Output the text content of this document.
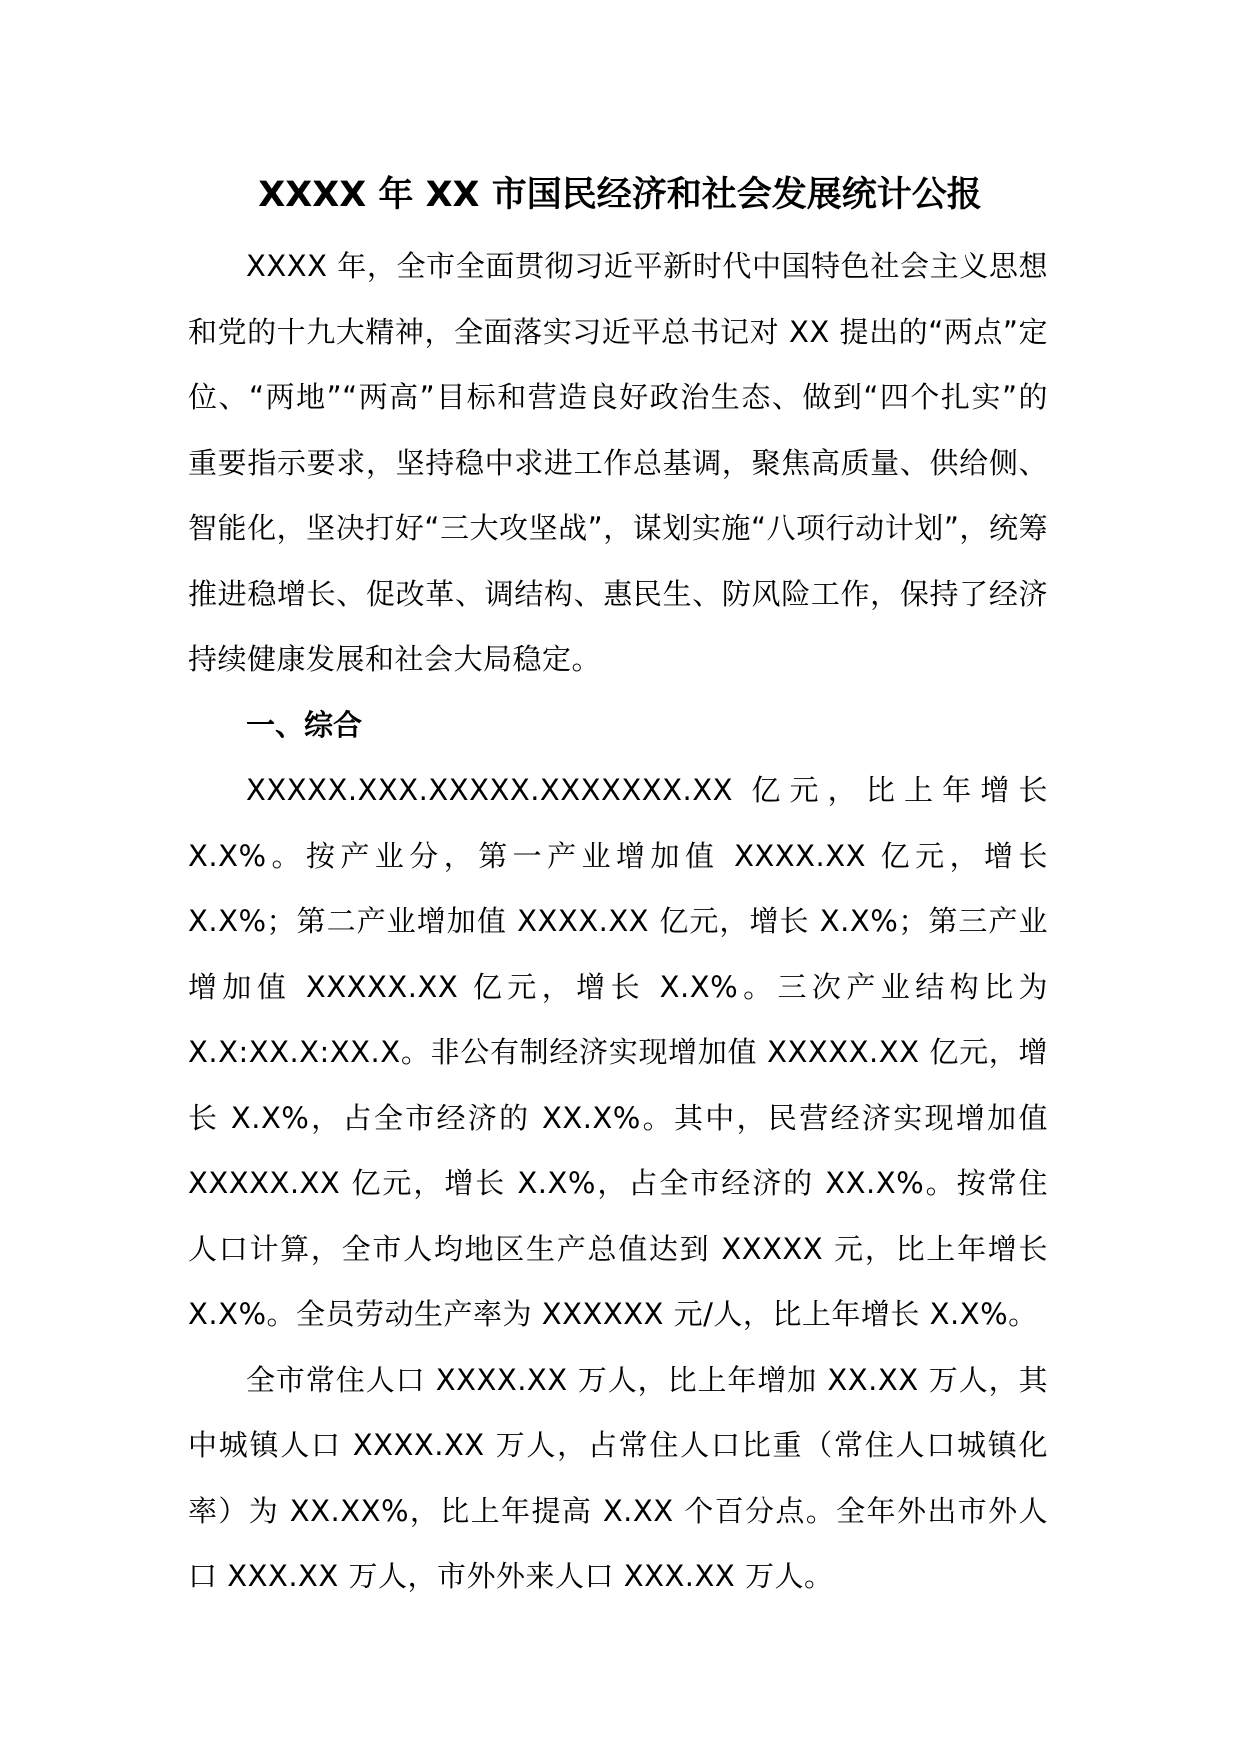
XXXX 年 XX 市国民经济和社会发展统计公报

XXXX 年，全市全面贯彻习近平新时代中国特色社会主义思想和党的十九大精神，全面落实习近平总书记对 XX 提出的“两点”定位、“两地”“两高”目标和营造良好政治生态、做到“四个扎实”的重要指示要求，坚持稳中求进工作总基调，聚焦高质量、供给侧、智能化，坚决打好“三大攻坚战”，谋划实施“八项行动计划”，统筹推进稳增长、促改革、调结构、惠民生、防风险工作，保持了经济持续健康发展和社会大局稳定。

一、综合

XXXXX.XXX.XXXXX.XXXXXXX.XX 亿元，比上年增长 X.X%。按产业分，第一产业增加值 XXXX.XX 亿元，增长 X.X%；第二产业增加值 XXXX.XX 亿元，增长 X.X%；第三产业增加值 XXXXX.XX 亿元，增长 X.X%。三次产业结构比为 X.X:XX.X:XX.X。非公有制经济实现增加值 XXXXX.XX 亿元，增长 X.X%，占全市经济的 XX.X%。其中，民营经济实现增加值 XXXXX.XX 亿元，增长 X.X%，占全市经济的 XX.X%。按常住人口计算，全市人均地区生产总值达到 XXXXX 元，比上年增长 X.X%。全员劳动生产率为 XXXXXX 元/人，比上年增长 X.X%。

全市常住人口 XXXX.XX 万人，比上年增加 XX.XX 万人，其中城镇人口 XXXX.XX 万人，占常住人口比重（常住人口城镇化率）为 XX.XX%，比上年提高 X.XX 个百分点。全年外出市外人口 XXX.XX 万人，市外外来人口 XXX.XX 万人。
